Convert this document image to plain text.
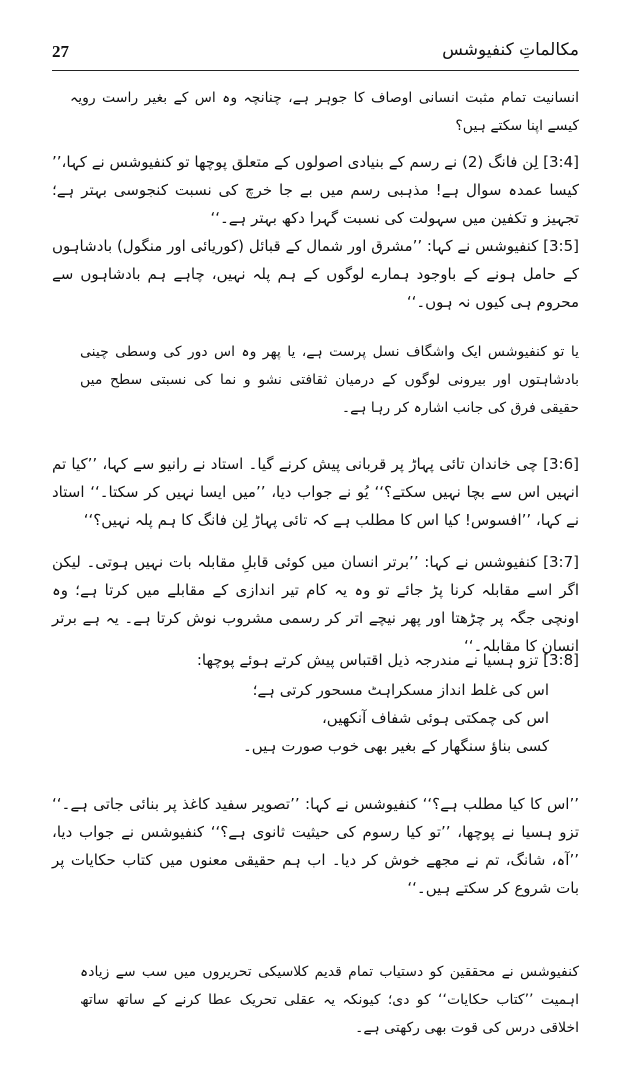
27	مکالماتِ کنفیوشس
انسانیت تمام مثبت انسانی اوصاف کا جوہر ہے، چنانچہ وہ اس کے بغیر راست رویہ کیسے اپنا سکتے ہیں؟
[3:4] لِن فانگ (2) نے رسم کے بنیادی اصولوں کے متعلق پوچھا تو کنفیوشس نے کہا،’’ کیسا عمدہ سوال ہے! مذہبی رسم میں بے جا خرچ کی نسبت کنجوسی بہتر ہے؛ تجہیز و تکفین میں سہولت کی نسبت گہرا دکھ بہتر ہے۔‘‘
[3:5] کنفیوشس نے کہا: ’’مشرق اور شمال کے قبائل (کوریائی اور منگول) بادشاہوں کے حامل ہونے کے باوجود ہمارے لوگوں کے ہم پلہ نہیں، چاہے ہم بادشاہوں سے محروم ہی کیوں نہ ہوں۔‘‘
یا تو کنفیوشس ایک واشگاف نسل پرست ہے، یا پھر وہ اس دور کی وسطی چینی بادشاہتوں اور بیرونی لوگوں کے درمیان ثقافتی نشو و نما کی نسبتی سطح میں حقیقی فرق کی جانب اشارہ کر رہا ہے۔
[3:6] چی خاندان تائی پہاڑ پر قربانی پیش کرنے گیا۔ استاد نے رانیو سے کہا، ’’کیا تم انہیں اس سے بچا نہیں سکتے؟‘‘ یُو نے جواب دیا، ’’میں ایسا نہیں کر سکتا۔‘‘ استاد نے کہا، ’’افسوس! کیا اس کا مطلب ہے کہ تائی پہاڑ لِن فانگ کا ہم پلہ نہیں؟‘‘
[3:7] کنفیوشس نے کہا: ’’برتر انسان میں کوئی قابلِ مقابلہ بات نہیں ہوتی۔ لیکن اگر اسے مقابلہ کرنا پڑ جائے تو وہ یہ کام تیر اندازی کے مقابلے میں کرتا ہے؛ وہ اونچی جگہ پر چڑھتا اور پھر نیچے اتر کر رسمی مشروب نوش کرتا ہے۔ یہ ہے برتر انسان کا مقابلہ۔‘‘
[3:8] تزو ہسیا نے مندرجہ ذیل اقتباس پیش کرتے ہوئے پوچھا:
اس کی غلط انداز مسکراہٹ مسحور کرتی ہے؛
اس کی چمکتی ہوئی شفاف آنکھیں،
کسی بناؤ سنگھار کے بغیر بھی خوب صورت ہیں۔
’’اس کا کیا مطلب ہے؟‘‘ کنفیوشس نے کہا: ’’تصویر سفید کاغذ پر بنائی جاتی ہے۔‘‘ تزو ہسیا نے پوچھا، ’’تو کیا رسوم کی حیثیت ثانوی ہے؟‘‘ کنفیوشس نے جواب دیا، ’’آہ، شانگ، تم نے مجھے خوش کر دیا۔ اب ہم حقیقی معنوں میں کتاب حکایات پر بات شروع کر سکتے ہیں۔‘‘
کنفیوشس نے محققین کو دستیاب تمام قدیم کلاسیکی تحریروں میں سب سے زیادہ اہمیت ’’کتاب حکایات‘‘ کو دی؛ کیونکہ یہ عقلی تحریک عطا کرنے کے ساتھ ساتھ اخلاقی درس کی قوت بھی رکھتی ہے۔
